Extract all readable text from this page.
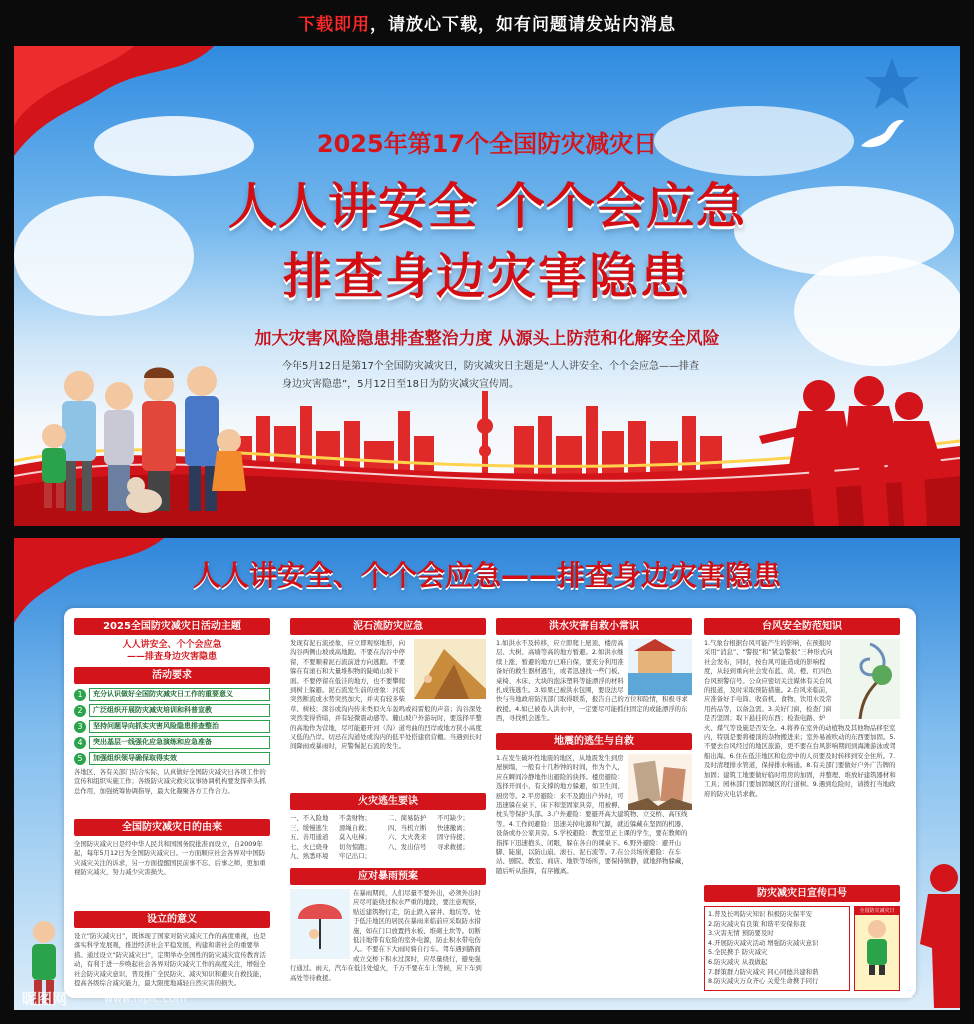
下载即用 ，请放心下载，如有问题请发站内消息
2025年第17个全国防灾减灾日
人人讲安全 个个会应急
排查身边灾害隐患
加大灾害风险隐患排查整治力度 从源头上防范和化解安全风险
今年5月12日是第17个全国防灾减灾日，防灾减灾日主题是“人人讲安全、个个会应急——排查身边灾害隐患”，5月12日至18日为防灾减灾宣传周。
人人讲安全、个个会应急——排查身边灾害隐患
2025全国防灾减灾日活动主题
人人讲安全、个个会应急
——排查身边灾害隐患
活动要求
1	充分认识做好全国防灾减灾日工作的重要意义
2	广泛组织开展防灾减灾培训和科普宣教
3	坚持问题导向抓实灾害风险隐患排查整治
4	突出基层一线强化应急演练和应急准备
5	加强组织领导确保取得实效
各地区、各有关部门结合实际，认真做好全国防灾减灾日各项工作的宣传和组织实施工作；各级防灾减灾救灾议事协调机构要发挥牵头抓总作用，加强统筹协调指导，最大化凝聚各方工作合力。
全国防灾减灾日的由来
全国防灾减灾日是经中华人民共和国国务院批准而设立，自2009年起，每年5月12日为全国防灾减灾日。一方面顺应社会各界对中国防灾减灾关注的诉求，另一方面提醒国民前事不忘、后事之师，更加重视防灾减灾，努力减少灾害损失。
设立的意义
设立“防灾减灾日”，既体现了国家对防灾减灾工作的高度重视，也是落实科学发展观，推进经济社会平稳发展，构建和谐社会的重要举措。通过设立“防灾减灾日”，定期举办全国性的防灾减灾宣传教育活动，有利于进一步唤起社会各界对防灾减灾工作的高度关注，增强全社会防灾减灾意识，普及推广全民防灾、减灾知识和避灾自救技能，提高各级综合减灾能力，最大限度地减轻自然灾害的损失。
泥石流防灾应急
发现有泥石流迹象，应立即观察地形，向沟谷两侧山坡或高地跑。不要在沟谷中停留，不要顺着泥石流前进方向逃跑。不要躲在有滚石和大量堆积物的陡峭山坡下面。不要停留在低洼的地方，也不要攀爬到树上躲避。泥石流发生前的迹象：河流突然断流或水势突然加大，并夹有较多柴草、树枝；深谷或沟内传来类似火车轰鸣或闷雷般的声音；沟谷深处突然变得昏暗，并有轻微震动感等。麓山坡户外游玩时，要选择平整的高地作为营地，尽可能避开河（沟）道弯曲的凹岸或地方狭小高度又低的凸岸。切忌在沟道处或沟内的低平处搭建宿营棚。当遇到长时间降雨或暴雨时，应警惕泥石流的发生。
火灾逃生要诀
一、不入险地	不贪财物；	二、简易防护	不可缺少；
三、缓慢逃生	滑绳自救；	四、当机立断	快速撤离；
五、善用通道	莫入电梯；	六、大火袭来	固守待援；
七、火已烧身	切勿惊跑；	八、发出信号	寻求救援；
九、熟悉环境	牢记出口；
应对暴雨预案
在暴雨期间，人们尽量不要外出，必须外出时应尽可能绕过积水严重的地段，要注意观察，贴近建筑物行走，防止跌入窨井、地坑等。处于低洼地区的居民在暴雨来临前应采取防水措施，如在门口放置挡水板、堆砌土坎等。切断低洼地带有危险的室外电源，防止积水带电伤人。不要在下大雨时骑自行车。驾车遇到路面或立交桥下积水过深时，应尽量绕行，避免强行通过。雨天，汽车在低洼处熄火，千万不要在车上等候，应下车到高处等待救援。
洪水灾害自救小常识
1.如洪水不及转移，应立即爬上屋顶、楼房高层、大树、高墙等高的地方暂避。2.如洪水继续上涨，暂避的地方已难自保，要充分利用准备好的救生器材逃生，或者迅速找一些门板、桌椅、木床、大块的泡沫塑料等能漂浮的材料扎成筏逃生。3.如果已被洪水包围，要设法尽快与当地政府防汛部门取得联系，报告自己的方位和险情，积极寻求救援。4.如已被卷入洪水中，一定要尽可能抓住固定的或能漂浮的东西，寻找机会逃生。
地震的逃生与自救
1.在发生破坏性地震的地区，从地震发生到房屋倒塌，一般有十几秒钟的时间，作为个人，应在瞬间冷静地作出避险的抉择。楼房避险：选择开间小、有支撑的地方躲避，如卫生间、厨房等。2.平房避险：来不及跑出户外时，可迅速躲在桌下、床下和坚固家具旁，用被褥、枕头等保护头部。3.户外避险：要避开高大建筑物、立交桥、高压线等。4.工作间避险：迅速关掉电源和气源，就近躲藏在坚固的机器、设备或办公家具旁。5.学校避险：教室里正上课的学生，要在教师的指挥下迅速抱头、闭眼，躲在各自的课桌下。6.野外避险：避开山脚、陡崖，以防山崩、滚石、泥石流等。7.在公共场所避险：在车站、剧院、教室、商店、地铁等场所，要保持镇静，就地择物躲藏，随后听从指挥，有序撤离。
台风安全防范知识
1.气象台根据台风可能产生的影响，在预报时采用“消息”、“警报”和“紧急警报”三种形式向社会发布，同时，按台风可能造成的影响程度，从轻到重向社会发布蓝、黄、橙、红四色台风预警信号。公众应密切关注媒体有关台风的报道，及时采取预防措施。2.台风来临前，应准备好手电筒、收音机、食物、饮用水及常用药品等，以备急需。3.关好门窗，检查门窗是否坚固；取下悬挂的东西；检查电路、炉火、煤气等设施是否安全。4.将养在室外的动植物及其他物品移至室内，特别是要将楼顶的杂物搬进来；室外易被吹动的东西要加固。5.不要去台风经过的地区旅游，更不要在台风影响期间到海滩游泳或驾船出海。6.住在低洼地区和危房中的人员要及时转移到安全住所。7.及时清理排水管道，保持排水畅通。8.有关部门要做好户外广告牌的加固；建筑工地要做好临时用房的加固，并整理、堆放好建筑器材和工具；园林部门要加固城区的行道树。9.遇到危险时，请拨打当地政府的防灾电话求救。
防灾减灾日宣传口号
1.普及长鸣防灾知识 积极防灾保平安
2.防灾减灾有良策 和谐平安保你我
3.灾害无情 预防要及时
4.开展防灾减灾活动 增强防灾减灾意识
5.全民携手 防灾减灾
6.防灾减灾 从我做起
7.群策群力防灾减灾 同心同德共建和谐
8.防灾减灾万众齐心 关爱生命携手同行
全国防灾减灾日
昵图网	www.nipic.com	ID:23061734 NO:20250429105513991101
